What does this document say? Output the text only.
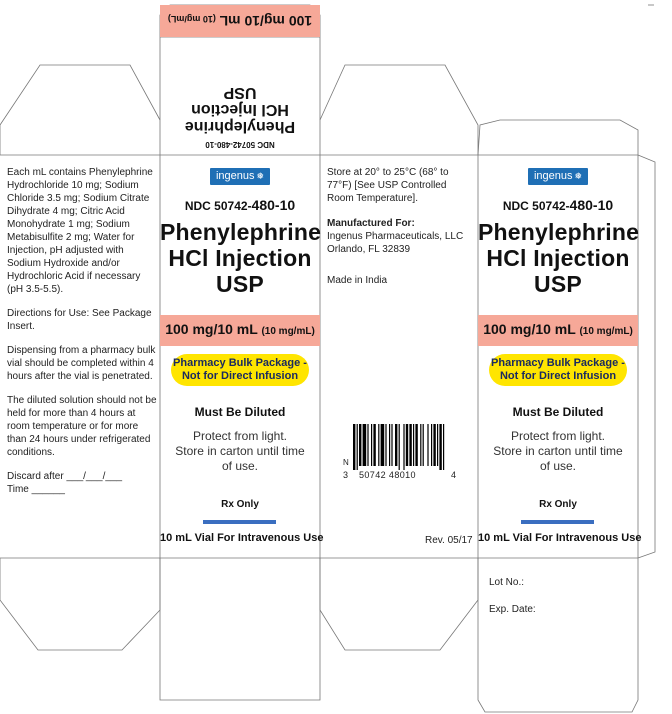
NDC 50742-480-10
Phenylephrine
HCl Injection
USP
100 mg/10 mL (10 mg/mL)

Each mL contains Phenylephrine Hydrochloride 10 mg; Sodium Chloride 3.5 mg; Sodium Citrate Dihydrate 4 mg; Citric Acid Monohydrate 1 mg; Sodium Metabisulfite 2 mg; Water for Injection, pH adjusted with Sodium Hydroxide and/or Hydrochloric Acid if necessary (pH 3.5-5.5).

Directions for Use: See Package Insert.

Dispensing from a pharmacy bulk vial should be completed within 4 hours after the vial is penetrated.

The diluted solution should not be held for more than 4 hours at room temperature or for more than 24 hours under refrigerated conditions.

Discard after ___/___/___
Time ______
ingenus ❅
NDC 50742-480-10
Phenylephrine
HCl Injection
USP
100 mg/10 mL (10 mg/mL)
Pharmacy Bulk Package -
Not for Direct Infusion
Must Be Diluted
Protect from light.
Store in carton until time
of use.
Rx Only
10 mL Vial For Intravenous Use

Store at 20° to 25°C (68° to 77°F) [See USP Controlled Room Temperature].

Manufactured For:
Ingenus Pharmaceuticals, LLC
Orlando, FL 32839
Made in India
N
3 50742 48010	4
Rev. 05/17
ingenus ❅
NDC 50742-480-10
Phenylephrine
HCl Injection
USP
100 mg/10 mL (10 mg/mL)
Pharmacy Bulk Package -
Not for Direct Infusion
Must Be Diluted
Protect from light.
Store in carton until time
of use.
Rx Only
10 mL Vial For Intravenous Use
Lot No.:
Exp. Date:
